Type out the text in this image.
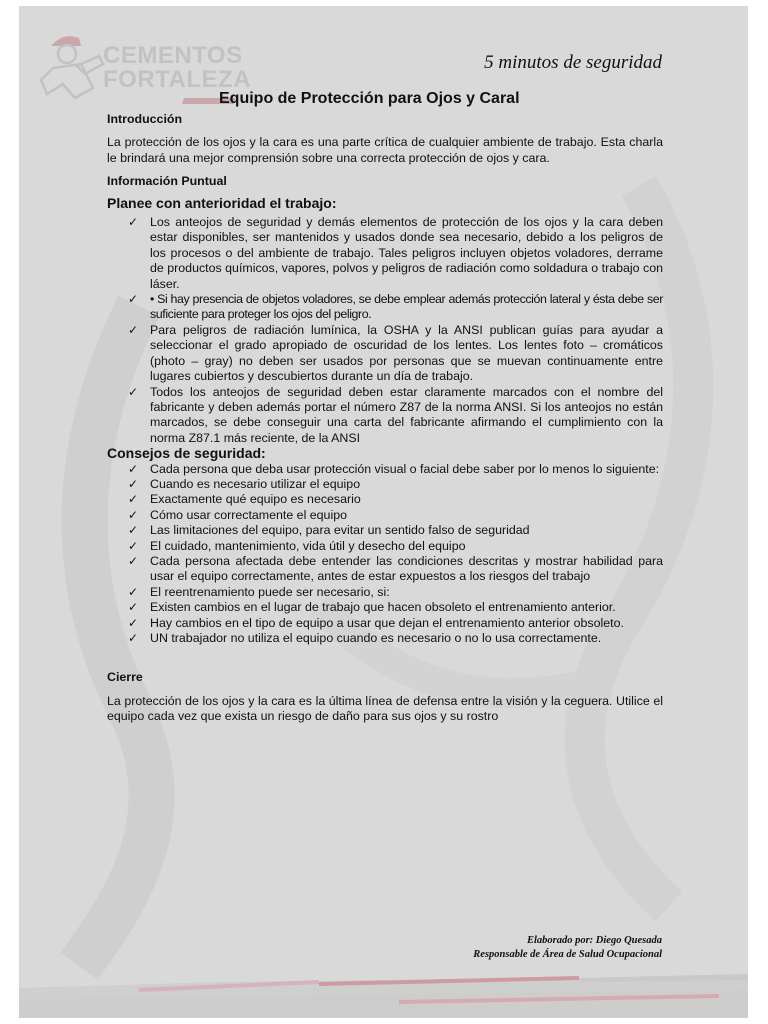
CEMENTOS
FORTALEZA
5 minutos de seguridad
Equipo de Protección para Ojos y Caral

Introducción

La protección de los ojos y la cara es una parte crítica de cualquier ambiente de trabajo. Esta charla le brindará una mejor comprensión sobre una correcta protección de ojos y cara.

Información Puntual

Planee con anterioridad el trabajo:

✓ Los anteojos de seguridad y demás elementos de protección de los ojos y la cara deben estar disponibles, ser mantenidos y usados donde sea necesario, debido a los peligros de los procesos o del ambiente de trabajo. Tales peligros incluyen objetos voladores, derrame de productos químicos, vapores, polvos y peligros de radiación como soldadura o trabajo con láser.
✓ • Si hay presencia de objetos voladores, se debe emplear además protección lateral y ésta debe ser suficiente para proteger los ojos del peligro.
✓ Para peligros de radiación lumínica, la OSHA y la ANSI publican guías para ayudar a seleccionar el grado apropiado de oscuridad de los lentes. Los lentes foto – cromáticos (photo – gray) no deben ser usados por personas que se muevan continuamente entre lugares cubiertos y descubiertos durante un día de trabajo.
✓ Todos los anteojos de seguridad deben estar claramente marcados con el nombre del fabricante y deben además portar el número Z87 de la norma ANSI. Si los anteojos no están marcados, se debe conseguir una carta del fabricante afirmando el cumplimiento con la norma Z87.1 más reciente, de la ANSI

Consejos de seguridad:

✓ Cada persona que deba usar protección visual o facial debe saber por lo menos lo siguiente:
✓ Cuando es necesario utilizar el equipo
✓ Exactamente qué equipo es necesario
✓ Cómo usar correctamente el equipo
✓ Las limitaciones del equipo, para evitar un sentido falso de seguridad
✓ El cuidado, mantenimiento, vida útil y desecho del equipo
✓ Cada persona afectada debe entender las condiciones descritas y mostrar habilidad para usar el equipo correctamente, antes de estar expuestos a los riesgos del trabajo
✓ El reentrenamiento puede ser necesario, si:
✓ Existen cambios en el lugar de trabajo que hacen obsoleto el entrenamiento anterior.
✓ Hay cambios en el tipo de equipo a usar que dejan el entrenamiento anterior obsoleto.
✓ UN trabajador no utiliza el equipo cuando es necesario o no lo usa correctamente.

Cierre

La protección de los ojos y la cara es la última línea de defensa entre la visión y la ceguera. Utilice el equipo cada vez que exista un riesgo de daño para sus ojos y su rostro

Elaborado por: Diego Quesada
Responsable de Área de Salud Ocupacional
